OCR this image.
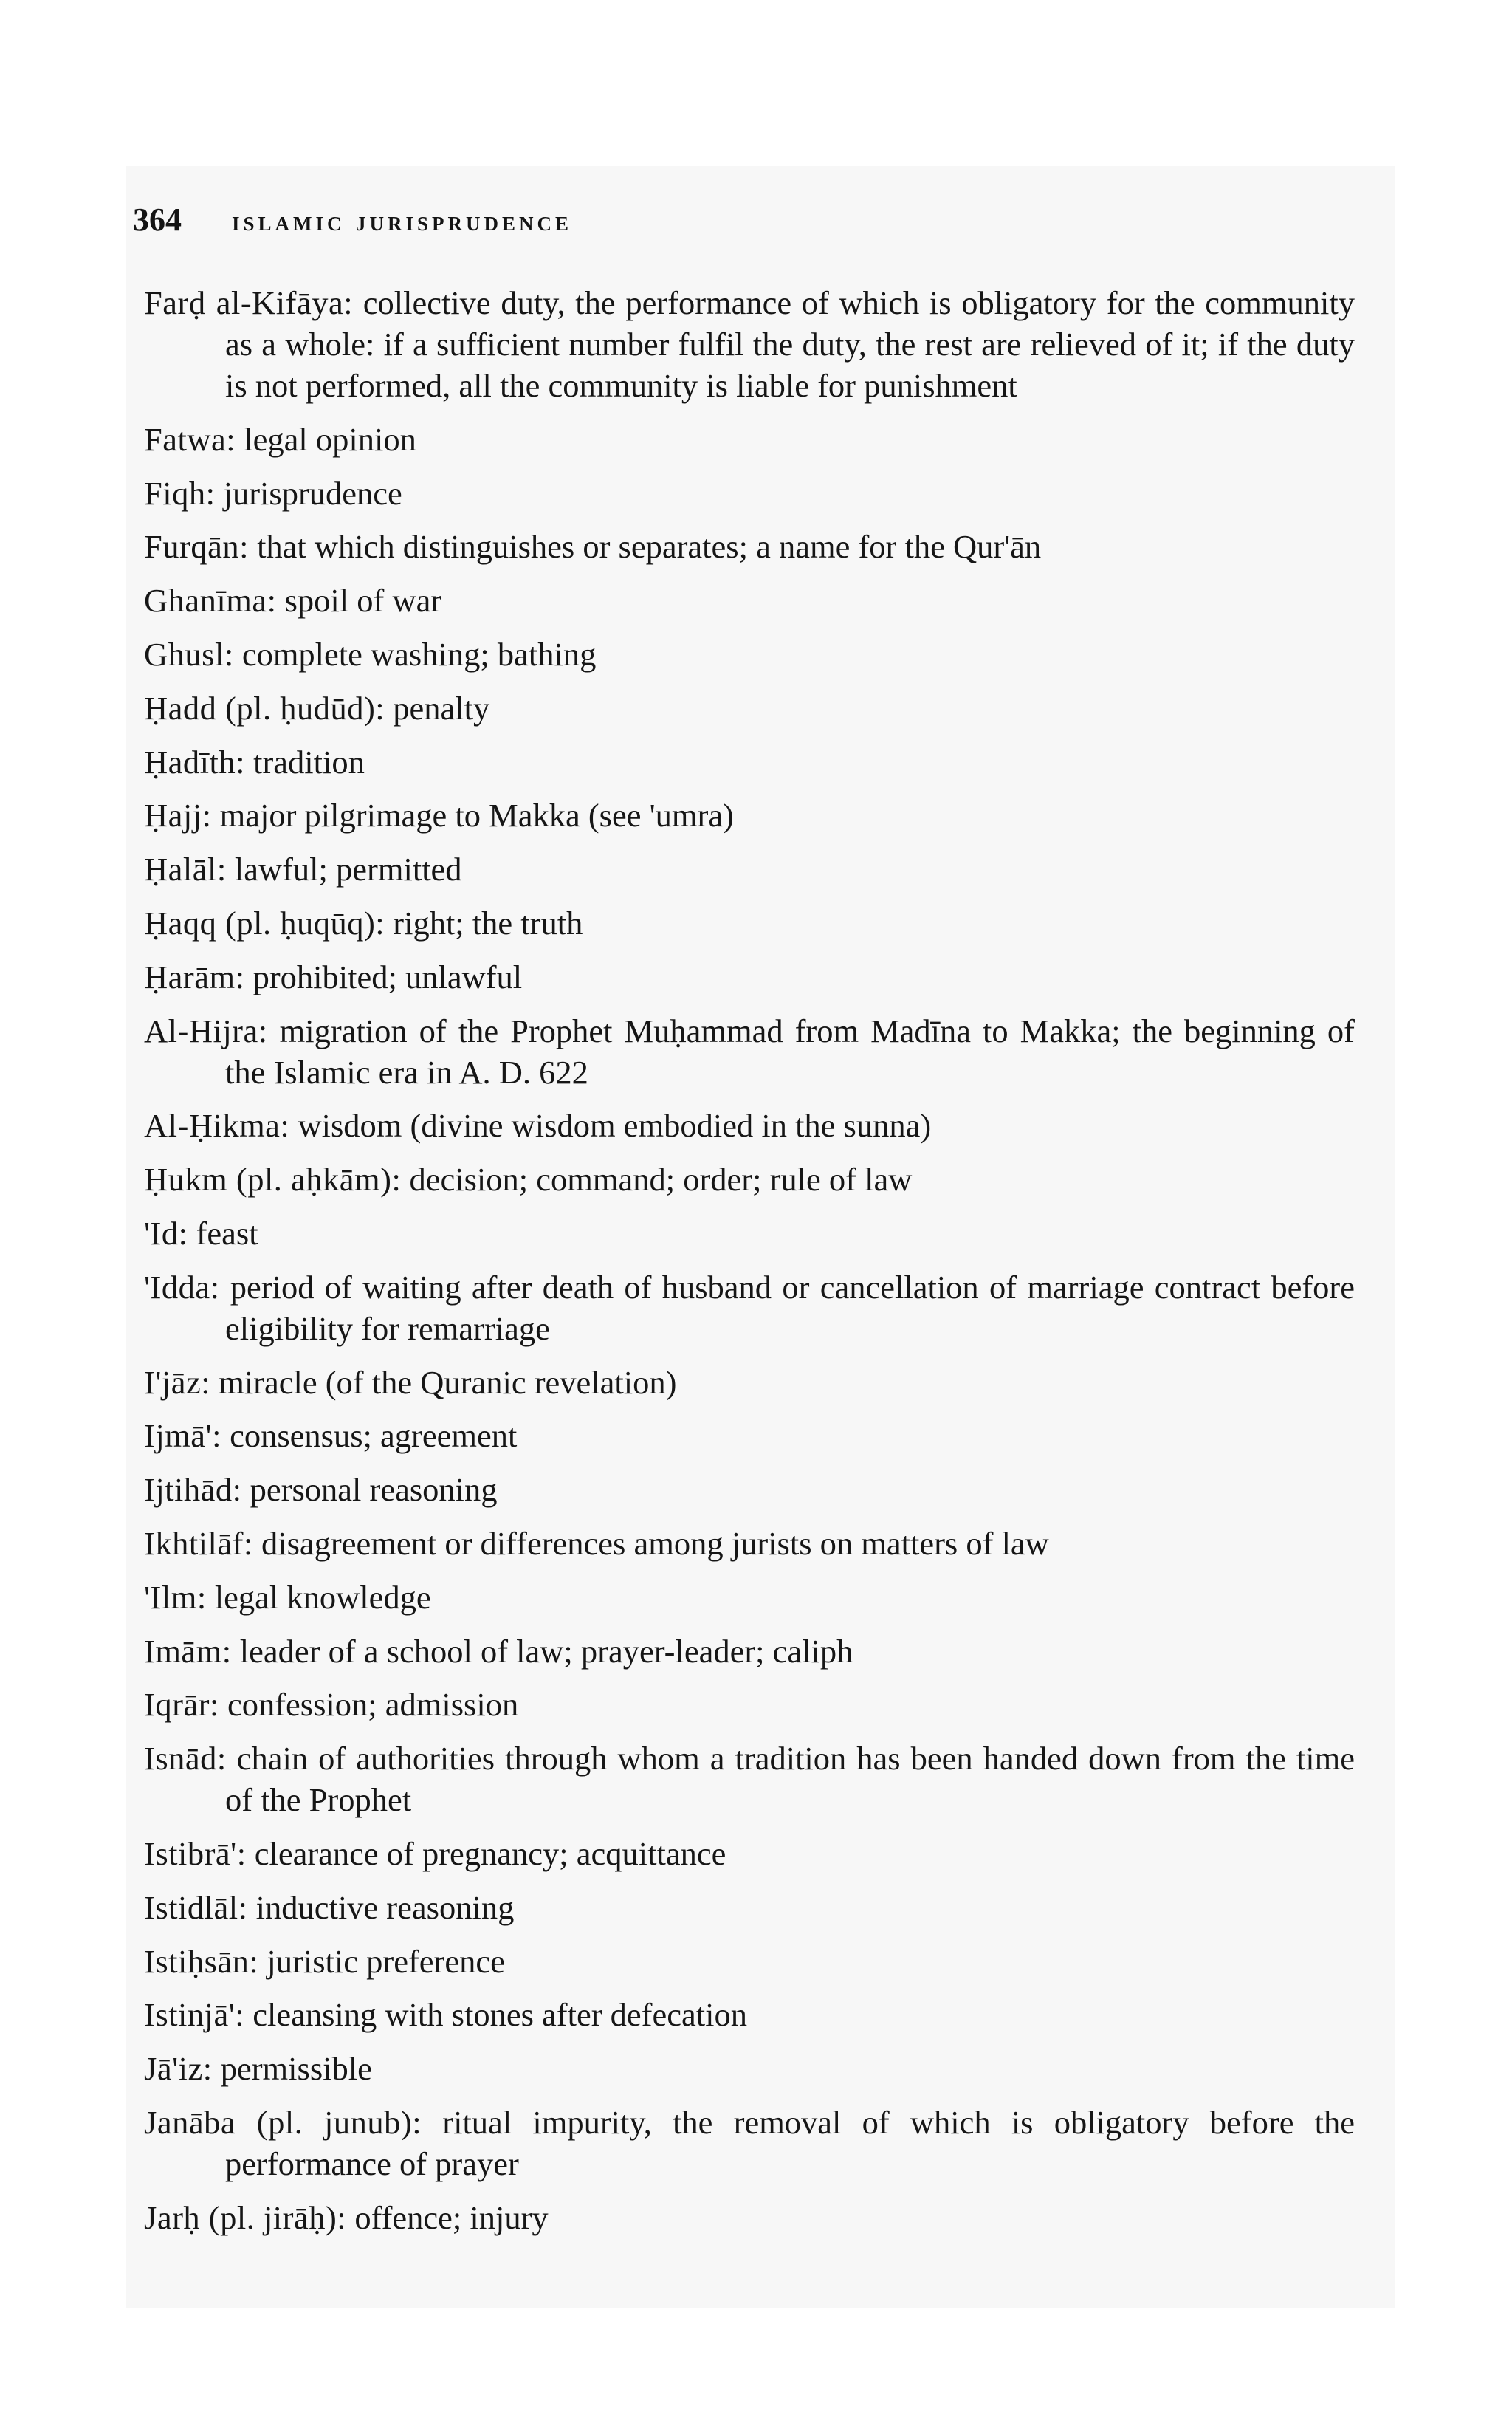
364 islamic jurisprudence

Farḍ al-Kifāya: collective duty, the performance of which is obligatory for the community as a whole: if a sufficient number fulfil the duty, the rest are relieved of it; if the duty is not performed, all the community is liable for punishment

Fatwa: legal opinion

Fiqh: jurisprudence

Furqān: that which distinguishes or separates; a name for the Qur'ān

Ghanīma: spoil of war

Ghusl: complete washing; bathing

Ḥadd (pl. ḥudūd): penalty

Ḥadīth: tradition

Ḥajj: major pilgrimage to Makka (see 'umra)

Ḥalāl: lawful; permitted

Ḥaqq (pl. ḥuqūq): right; the truth

Ḥarām: prohibited; unlawful

Al-Hijra: migration of the Prophet Muḥammad from Madīna to Makka; the beginning of the Islamic era in A. D. 622

Al-Ḥikma: wisdom (divine wisdom embodied in the sunna)

Ḥukm (pl. aḥkām): decision; command; order; rule of law

'Id: feast

'Idda: period of waiting after death of husband or cancellation of marriage contract before eligibility for remarriage

I'jāz: miracle (of the Quranic revelation)

Ijmā': consensus; agreement

Ijtihād: personal reasoning

Ikhtilāf: disagreement or differences among jurists on matters of law

'Ilm: legal knowledge

Imām: leader of a school of law; prayer-leader; caliph

Iqrār: confession; admission

Isnād: chain of authorities through whom a tradition has been handed down from the time of the Prophet

Istibrā': clearance of pregnancy; acquittance

Istidlāl: inductive reasoning

Istiḥsān: juristic preference

Istinjā': cleansing with stones after defecation

Jā'iz: permissible

Janāba (pl. junub): ritual impurity, the removal of which is obligatory before the performance of prayer

Jarḥ (pl. jirāḥ): offence; injury
